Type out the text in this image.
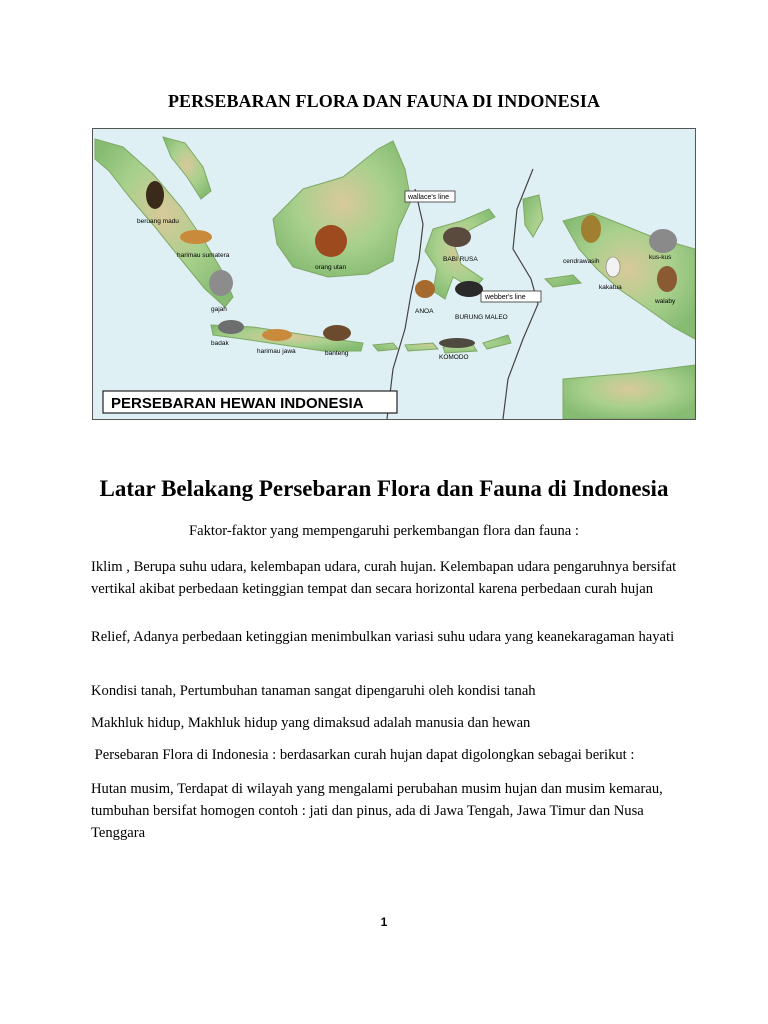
PERSEBARAN FLORA DAN FAUNA DI INDONESIA
wallace's line
webber's line
beruang madu
harimau sumatera
gajah
badak
harimau jawa	banteng
orang utan
BABI RUSA
ANOA
BURUNG MALEO
KOMODO
cendrawasih
kus-kus
kakatua
walaby
PERSEBARAN HEWAN INDONESIA
Latar Belakang Persebaran Flora dan Fauna di Indonesia
Faktor-faktor yang mempengaruhi perkembangan flora dan fauna :
Iklim , Berupa suhu udara, kelembapan udara, curah hujan. Kelembapan udara pengaruhnya bersifat vertikal akibat perbedaan ketinggian tempat dan secara horizontal karena perbedaan curah hujan
Relief, Adanya perbedaan ketinggian menimbulkan variasi suhu udara yang keanekaragaman hayati
Kondisi tanah, Pertumbuhan tanaman sangat dipengaruhi oleh kondisi tanah
Makhluk hidup, Makhluk hidup yang dimaksud adalah manusia dan hewan
Persebaran Flora di Indonesia : berdasarkan curah hujan dapat digolongkan sebagai berikut :
Hutan musim, Terdapat di wilayah yang mengalami perubahan musim hujan dan musim kemarau, tumbuhan bersifat homogen contoh : jati dan pinus, ada di Jawa Tengah, Jawa Timur dan Nusa Tenggara
1
